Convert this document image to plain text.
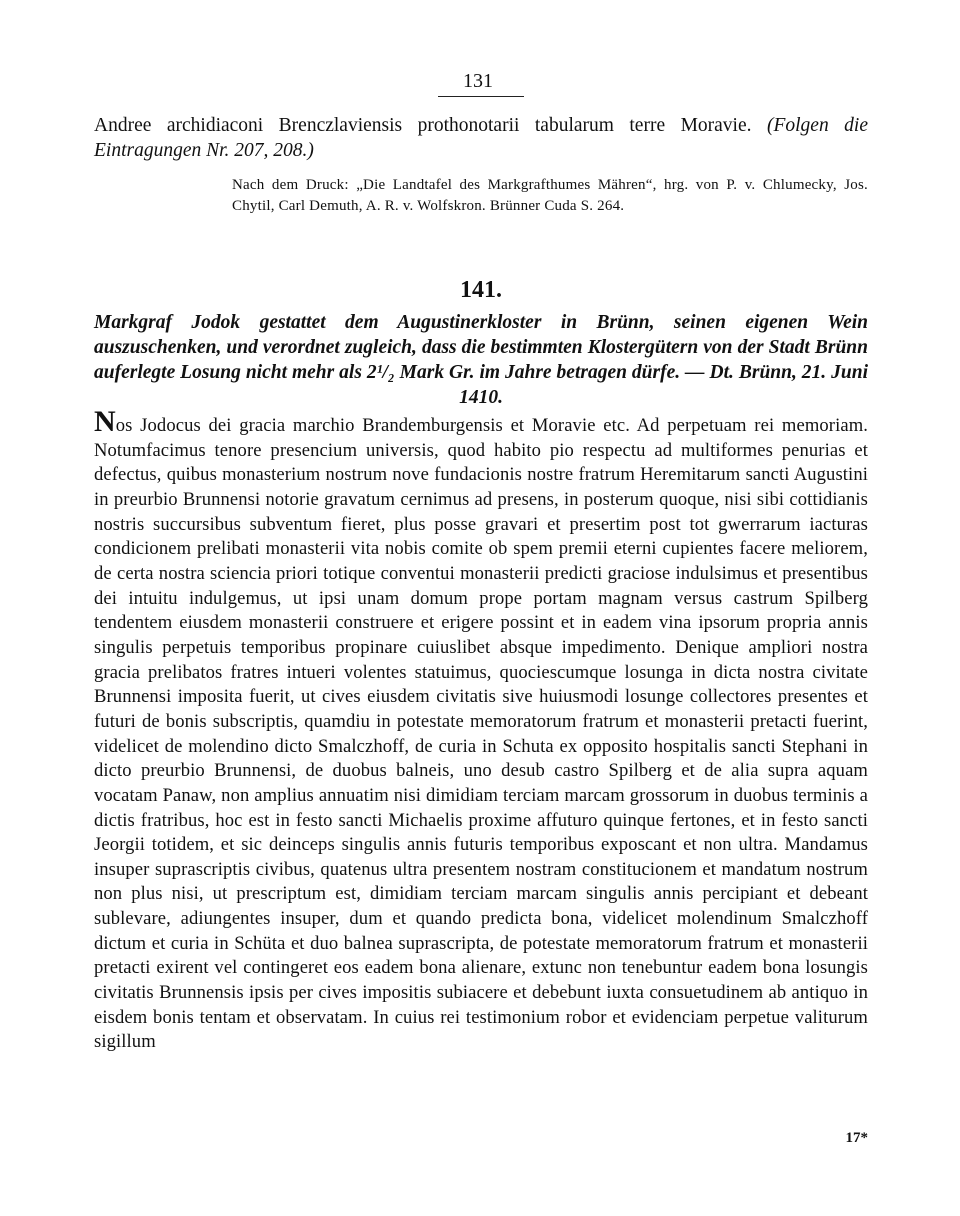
131
Andree archidiaconi Brenczlaviensis prothonotarii tabularum terre Moravie. (Folgen die Eintragungen Nr. 207, 208.)
Nach dem Druck: „Die Landtafel des Markgrafthumes Mähren“, hrg. von P. v. Chlumecky, Jos. Chytil, Carl Demuth, A. R. v. Wolfskron. Brünner Cuda S. 264.
141.
Markgraf Jodok gestattet dem Augustinerkloster in Brünn, seinen eigenen Wein auszuschenken, und verordnet zugleich, dass die bestimmten Klostergütern von der Stadt Brünn auferlegte Losung nicht mehr als 2¹/₂ Mark Gr. im Jahre betragen dürfe. — Dt. Brünn, 21. Juni 1410.
Nos Jodocus dei gracia marchio Brandemburgensis et Moravie etc. Ad perpetuam rei memoriam. Notumfacimus tenore presencium universis, quod habito pio respectu ad multiformes penurias et defectus, quibus monasterium nostrum nove fundacionis nostre fratrum Heremitarum sancti Augustini in preurbio Brunnensi notorie gravatum cernimus ad presens, in posterum quoque, nisi sibi cottidianis nostris succursibus subventum fieret, plus posse gravari et presertim post tot gwerrarum iacturas condicionem prelibati monasterii vita nobis comite ob spem premii eterni cupientes facere meliorem, de certa nostra sciencia priori totique conventui monasterii predicti graciose indulsimus et presentibus dei intuitu indulgemus, ut ipsi unam domum prope portam magnam versus castrum Spilberg tendentem eiusdem monasterii construere et erigere possint et in eadem vina ipsorum propria annis singulis perpetuis temporibus propinare cuiuslibet absque impedimento. Denique ampliori nostra gracia prelibatos fratres intueri volentes statuimus, quociescumque losunga in dicta nostra civitate Brunnensi imposita fuerit, ut cives eiusdem civitatis sive huiusmodi losunge collectores presentes et futuri de bonis subscriptis, quamdiu in potestate memoratorum fratrum et monasterii pretacti fuerint, videlicet de molendino dicto Smalczhoff, de curia in Schuta ex opposito hospitalis sancti Stephani in dicto preurbio Brunnensi, de duobus balneis, uno desub castro Spilberg et de alia supra aquam vocatam Panaw, non amplius annuatim nisi dimidiam terciam marcam grossorum in duobus terminis a dictis fratribus, hoc est in festo sancti Michaelis proxime affuturo quinque fertones, et in festo sancti Jeorgii totidem, et sic deinceps singulis annis futuris temporibus exposcant et non ultra. Mandamus insuper suprascriptis civibus, quatenus ultra presentem nostram constitucionem et mandatum nostrum non plus nisi, ut prescriptum est, dimidiam terciam marcam singulis annis percipiant et debeant sublevare, adiungentes insuper, dum et quando predicta bona, videlicet molendinum Smalczhoff dictum et curia in Schüta et duo balnea suprascripta, de potestate memoratorum fratrum et monasterii pretacti exirent vel contingeret eos eadem bona alienare, extunc non tenebuntur eadem bona losungis civitatis Brunnensis ipsis per cives impositis subiacere et debebunt iuxta consuetudinem ab antiquo in eisdem bonis tentam et observatam. In cuius rei testimonium robor et evidenciam perpetue valiturum sigillum
17*
